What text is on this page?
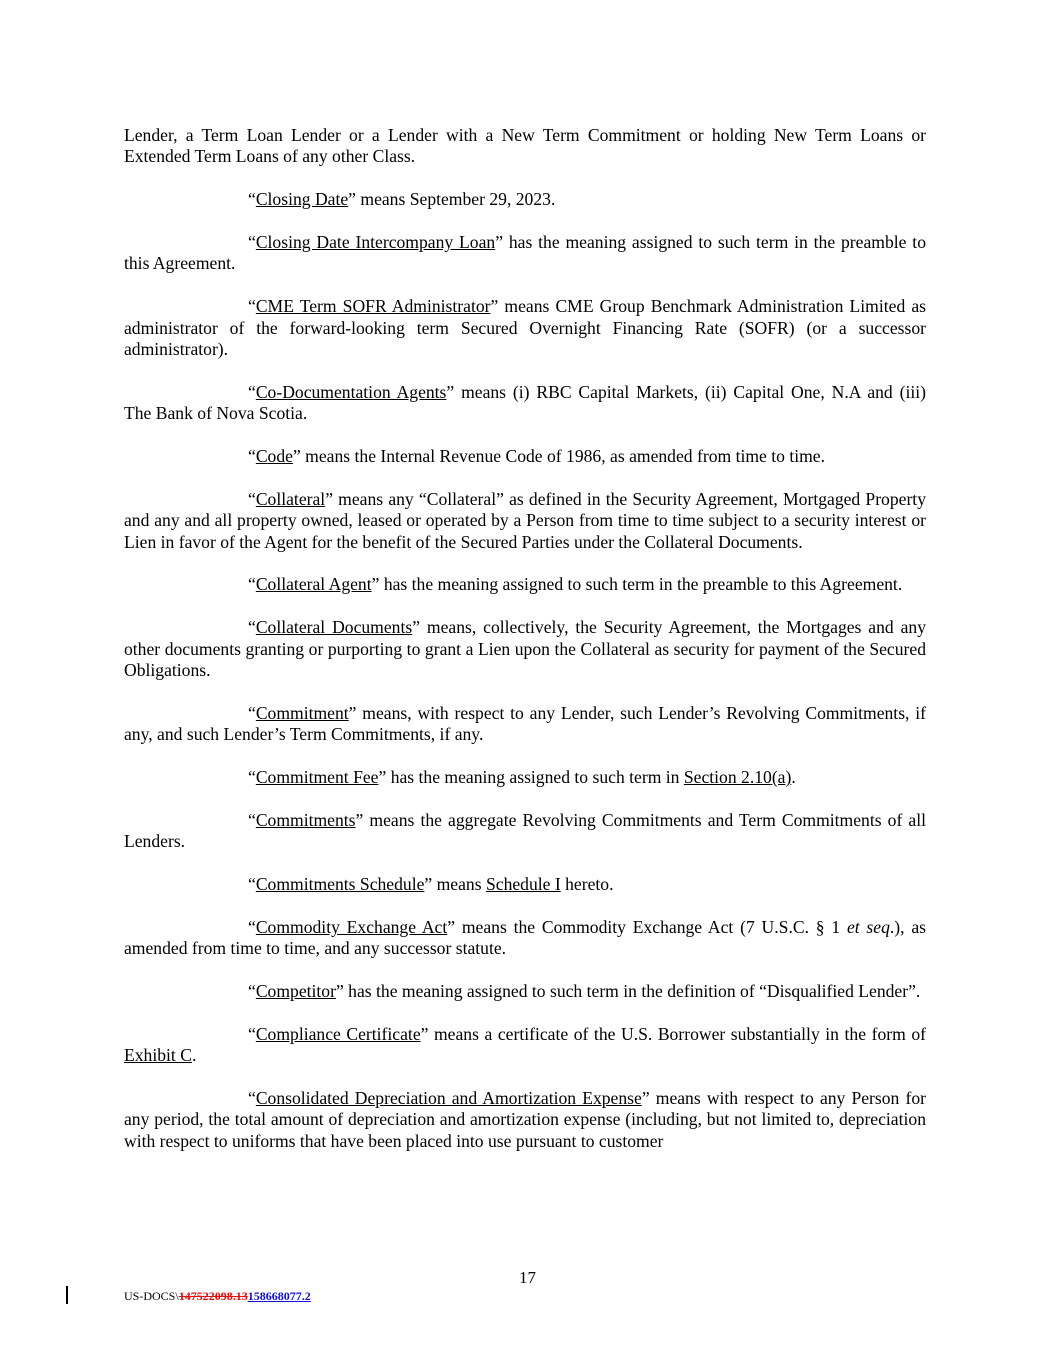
Lender, a Term Loan Lender or a Lender with a New Term Commitment or holding New Term Loans or Extended Term Loans of any other Class.

“Closing Date” means September 29, 2023.

“Closing Date Intercompany Loan” has the meaning assigned to such term in the preamble to this Agreement.

“CME Term SOFR Administrator” means CME Group Benchmark Administration Limited as administrator of the forward-looking term Secured Overnight Financing Rate (SOFR) (or a successor administrator).

“Co-Documentation Agents” means (i) RBC Capital Markets, (ii) Capital One, N.A and (iii) The Bank of Nova Scotia.

“Code” means the Internal Revenue Code of 1986, as amended from time to time.

“Collateral” means any “Collateral” as defined in the Security Agreement, Mortgaged Property and any and all property owned, leased or operated by a Person from time to time subject to a security interest or Lien in favor of the Agent for the benefit of the Secured Parties under the Collateral Documents.

“Collateral Agent” has the meaning assigned to such term in the preamble to this Agreement.

“Collateral Documents” means, collectively, the Security Agreement, the Mortgages and any other documents granting or purporting to grant a Lien upon the Collateral as security for payment of the Secured Obligations.

“Commitment” means, with respect to any Lender, such Lender’s Revolving Commitments, if any, and such Lender’s Term Commitments, if any.

“Commitment Fee” has the meaning assigned to such term in Section 2.10(a).

“Commitments” means the aggregate Revolving Commitments and Term Commitments of all Lenders.

“Commitments Schedule” means Schedule I hereto.

“Commodity Exchange Act” means the Commodity Exchange Act (7 U.S.C. § 1 et seq.), as amended from time to time, and any successor statute.

“Competitor” has the meaning assigned to such term in the definition of “Disqualified Lender”.

“Compliance Certificate” means a certificate of the U.S. Borrower substantially in the form of Exhibit C.

“Consolidated Depreciation and Amortization Expense” means with respect to any Person for any period, the total amount of depreciation and amortization expense (including, but not limited to, depreciation with respect to uniforms that have been placed into use pursuant to customer

17
US-DOCS\147522098.13158668077.2
